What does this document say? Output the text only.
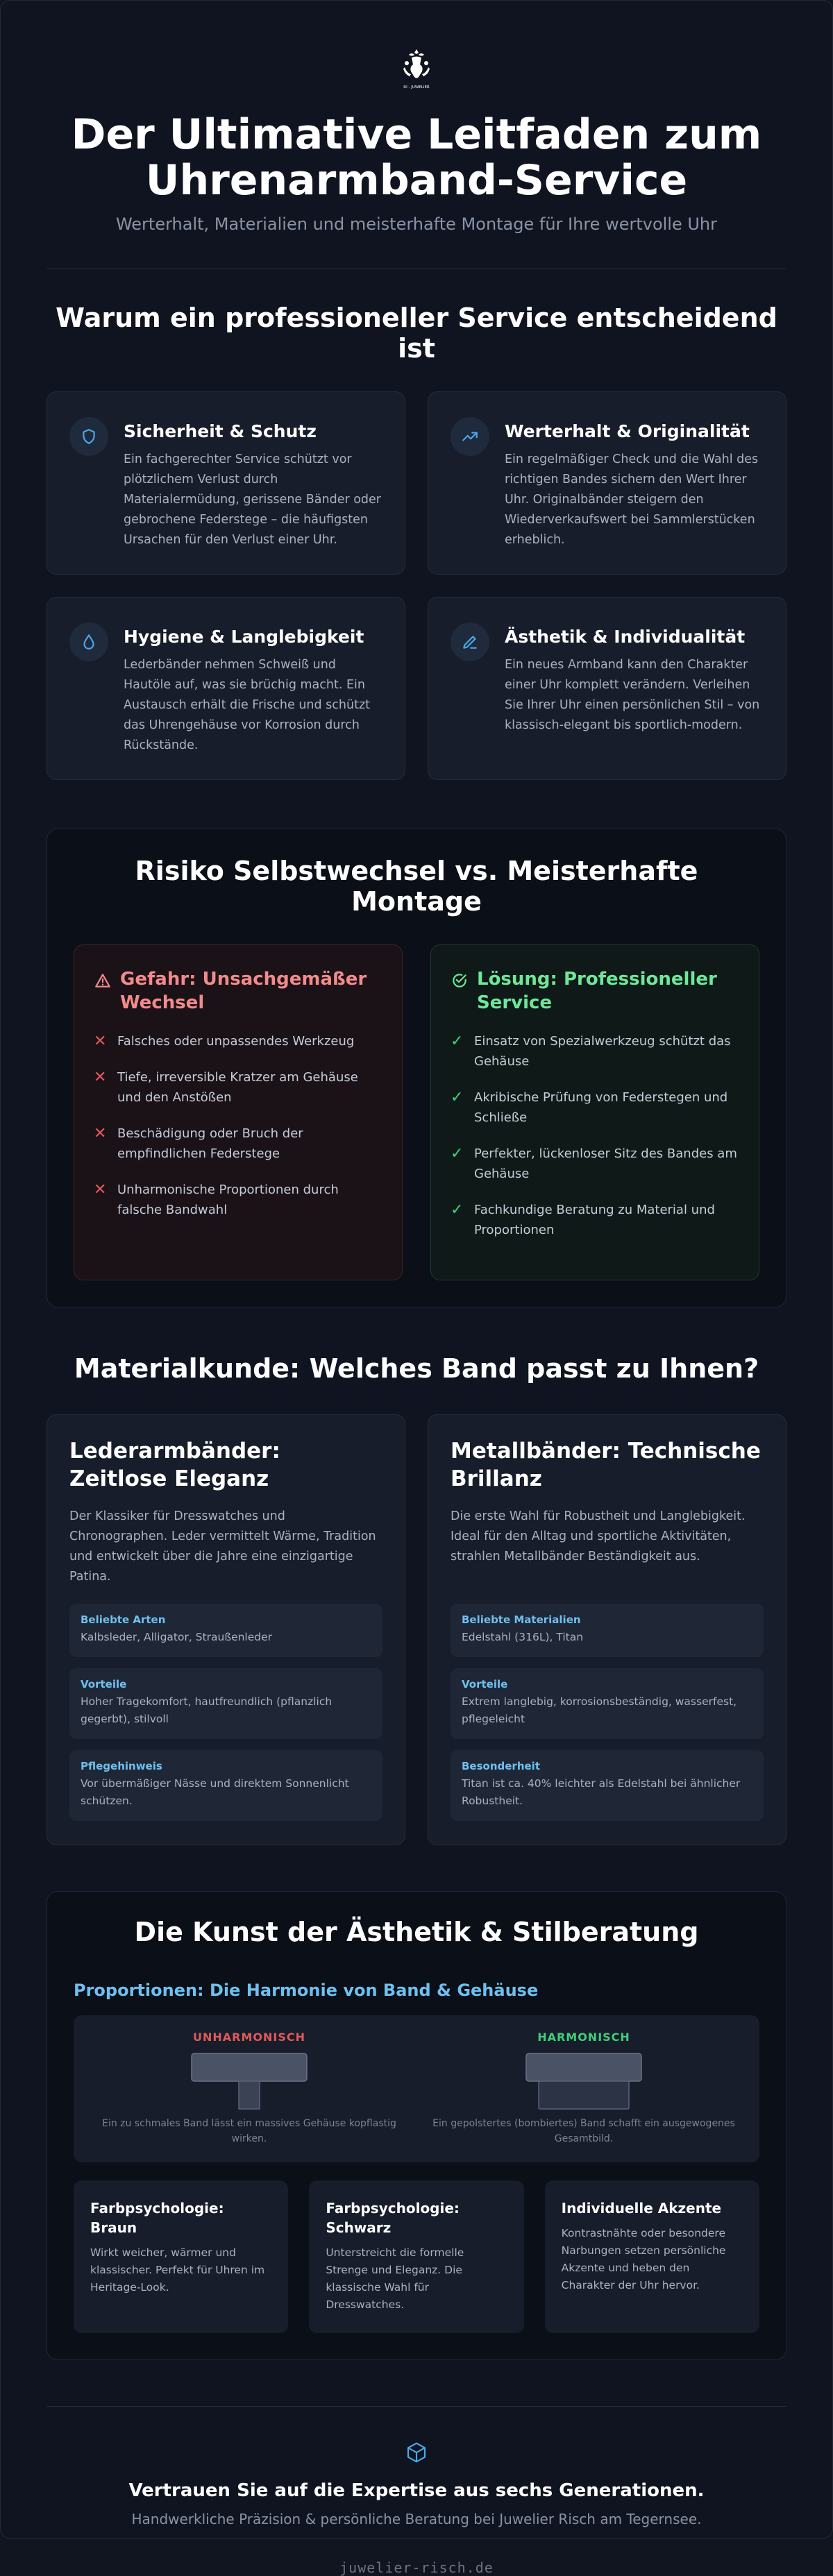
RI - JUWELIER
Der Ultimative Leitfaden zum Uhrenarmband-Service

Werterhalt, Materialien und meisterhafte Montage für Ihre wertvolle Uhr

Warum ein professioneller Service entscheidend ist
Sicherheit & Schutz

Ein fachgerechter Service schützt vor plötzlichem Verlust durch Materialermüdung, gerissene Bänder oder gebrochene Federstege – die häufigsten Ursachen für den Verlust einer Uhr.

Werterhalt & Originalität

Ein regelmäßiger Check und die Wahl des richtigen Bandes sichern den Wert Ihrer Uhr. Originalbänder steigern den Wiederverkaufswert bei Sammlerstücken erheblich.

Hygiene & Langlebigkeit

Lederbänder nehmen Schweiß und Hautöle auf, was sie brüchig macht. Ein Austausch erhält die Frische und schützt das Uhrengehäuse vor Korrosion durch Rückstände.

Ästhetik & Individualität

Ein neues Armband kann den Charakter einer Uhr komplett verändern. Verleihen Sie Ihrer Uhr einen persönlichen Stil – von klassisch-elegant bis sportlich-modern.

Risiko Selbstwechsel vs. Meisterhafte Montage
Gefahr: Unsachgemäßer Wechsel
✕ Falsches oder unpassendes Werkzeug
✕ Tiefe, irreversible Kratzer am Gehäuse und den Anstößen
✕ Beschädigung oder Bruch der empfindlichen Federstege
✕ Unharmonische Proportionen durch falsche Bandwahl
Lösung: Professioneller Service
✓ Einsatz von Spezialwerkzeug schützt das Gehäuse
✓ Akribische Prüfung von Federstegen und Schließe
✓ Perfekter, lückenloser Sitz des Bandes am Gehäuse
✓ Fachkundige Beratung zu Material und Proportionen
Materialkunde: Welches Band passt zu Ihnen?
Lederarmbänder: Zeitlose Eleganz

Der Klassiker für Dresswatches und Chronographen. Leder vermittelt Wärme, Tradition und entwickelt über die Jahre eine einzigartige Patina.

Beliebte Arten
Kalbsleder, Alligator, Straußenleder
Vorteile
Hoher Tragekomfort, hautfreundlich (pflanzlich gegerbt), stilvoll
Pflegehinweis
Vor übermäßiger Nässe und direktem Sonnenlicht schützen.
Metallbänder: Technische Brillanz

Die erste Wahl für Robustheit und Langlebigkeit. Ideal für den Alltag und sportliche Aktivitäten, strahlen Metallbänder Beständigkeit aus.

Beliebte Materialien
Edelstahl (316L), Titan
Vorteile
Extrem langlebig, korrosionsbeständig, wasserfest, pflegeleicht
Besonderheit
Titan ist ca. 40% leichter als Edelstahl bei ähnlicher Robustheit.
Die Kunst der Ästhetik & Stilberatung
Proportionen: Die Harmonie von Band & Gehäuse
UNHARMONISCH

Ein zu schmales Band lässt ein massives Gehäuse kopflastig wirken.

HARMONISCH

Ein gepolstertes (bombiertes) Band schafft ein ausgewogenes Gesamtbild.

Farbpsychologie: Braun

Wirkt weicher, wärmer und klassischer. Perfekt für Uhren im Heritage-Look.

Farbpsychologie: Schwarz

Unterstreicht die formelle Strenge und Eleganz. Die klassische Wahl für Dresswatches.

Individuelle Akzente

Kontrastnähte oder besondere Narbungen setzen persönliche Akzente und heben den Charakter der Uhr hervor.

Vertrauen Sie auf die Expertise aus sechs Generationen.

Handwerkliche Präzision & persönliche Beratung bei Juwelier Risch am Tegernsee.

juwelier-risch.de
